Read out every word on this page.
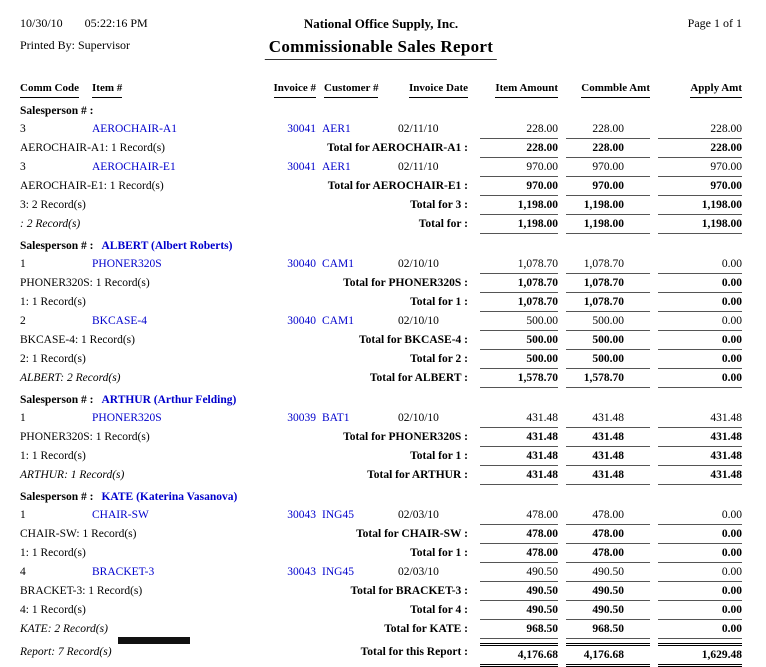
10/30/10 05:22:16 PM
Printed By: Supervisor
National Office Supply, Inc.
Commissionable Sales Report
Page 1 of 1
Comm Code	Item #	Invoice # Customer #	Invoice Date	Item Amount	Commble Amt	Apply Amt
Salesperson # :
3	AEROCHAIR-A1	30041 AER1	02/11/10	228.00	228.00	228.00
AEROCHAIR-A1: 1 Record(s)	Total for AEROCHAIR-A1 :	228.00	228.00	228.00
3	AEROCHAIR-E1	30041 AER1	02/11/10	970.00	970.00	970.00
AEROCHAIR-E1: 1 Record(s)	Total for AEROCHAIR-E1 :	970.00	970.00	970.00
3: 2 Record(s)	Total for 3 :	1,198.00	1,198.00	1,198.00
: 2 Record(s)	Total for :	1,198.00	1,198.00	1,198.00
Salesperson # : ALBERT (Albert Roberts)
1	PHONER320S	30040 CAM1	02/10/10	1,078.70	1,078.70	0.00
PHONER320S: 1 Record(s)	Total for PHONER320S :	1,078.70	1,078.70	0.00
1: 1 Record(s)	Total for 1 :	1,078.70	1,078.70	0.00
2	BKCASE-4	30040 CAM1	02/10/10	500.00	500.00	0.00
BKCASE-4: 1 Record(s)	Total for BKCASE-4 :	500.00	500.00	0.00
2: 1 Record(s)	Total for 2 :	500.00	500.00	0.00
ALBERT: 2 Record(s)	Total for ALBERT :	1,578.70	1,578.70	0.00
Salesperson # : ARTHUR (Arthur Felding)
1	PHONER320S	30039 BAT1	02/10/10	431.48	431.48	431.48
PHONER320S: 1 Record(s)	Total for PHONER320S :	431.48	431.48	431.48
1: 1 Record(s)	Total for 1 :	431.48	431.48	431.48
ARTHUR: 1 Record(s)	Total for ARTHUR :	431.48	431.48	431.48
Salesperson # : KATE (Katerina Vasanova)
1	CHAIR-SW	30043 ING45	02/03/10	478.00	478.00	0.00
CHAIR-SW: 1 Record(s)	Total for CHAIR-SW :	478.00	478.00	0.00
1: 1 Record(s)	Total for 1 :	478.00	478.00	0.00
4	BRACKET-3	30043 ING45	02/03/10	490.50	490.50	0.00
BRACKET-3: 1 Record(s)	Total for BRACKET-3 :	490.50	490.50	0.00
4: 1 Record(s)	Total for 4 :	490.50	490.50	0.00
KATE: 2 Record(s)	Total for KATE :	968.50	968.50	0.00
Report: 7 Record(s)	Total for this Report :	4,176.68	4,176.68	1,629.48
